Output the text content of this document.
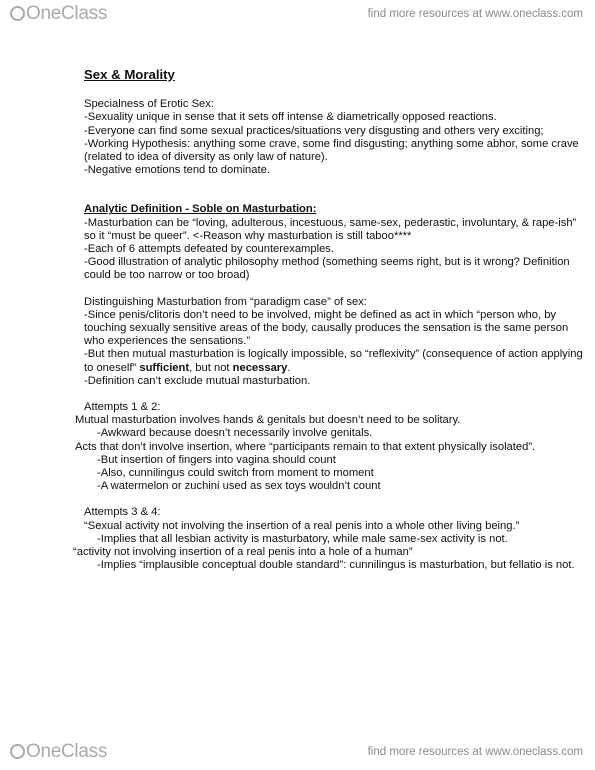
OneClass	find more resources at www.oneclass.com

Sex & Morality

Specialness of Erotic Sex:

-Sexuality unique in sense that it sets off intense & diametrically opposed reactions.

-Everyone can find some sexual practices/situations very disgusting and others very exciting;

-Working Hypothesis: anything some crave, some find disgusting; anything some abhor, some crave (related to idea of diversity as only law of nature).

-Negative emotions tend to dominate.

Analytic Definition - Soble on Masturbation:

-Masturbation can be “loving, adulterous, incestuous, same-sex, pederastic, involuntary, & rape-ish” so it “must be queer”. <-Reason why masturbation is still taboo****

-Each of 6 attempts defeated by counterexamples.

-Good illustration of analytic philosophy method (something seems right, but is it wrong? Definition could be too narrow or too broad)

Distinguishing Masturbation from “paradigm case” of sex:

-Since penis/clitoris don’t need to be involved, might be defined as act in which “person who, by touching sexually sensitive areas of the body, causally produces the sensation is the same person who experiences the sensations.”

-But then mutual masturbation is logically impossible, so “reflexivity” (consequence of action applying to oneself” sufficient, but not necessary.

-Definition can’t exclude mutual masturbation.

Attempts 1 & 2:

Mutual masturbation involves hands & genitals but doesn’t need to be solitary.

-Awkward because doesn’t necessarily involve genitals.

Acts that don’t involve insertion, where “participants remain to that extent physically isolated”.

-But insertion of fingers into vagina should count

-Also, cunnilingus could switch from moment to moment

-A watermelon or zuchini used as sex toys wouldn’t count

Attempts 3 & 4:

“Sexual activity not involving the insertion of a real penis into a whole other living being.”

-Implies that all lesbian activity is masturbatory, while male same-sex activity is not.

“activity not involving insertion of a real penis into a hole of a human”

-Implies “implausible conceptual double standard”: cunnilingus is masturbation, but fellatio is not.

OneClass	find more resources at www.oneclass.com
